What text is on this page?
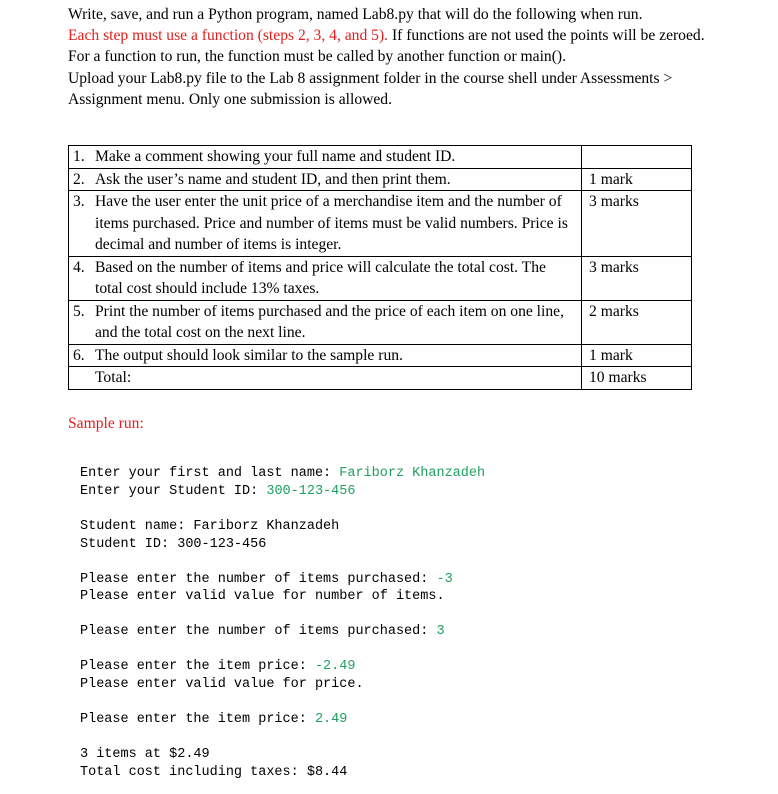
Write, save, and run a Python program, named Lab8.py that will do the following when run.

Each step must use a function (steps 2, 3, 4, and 5). If functions are not used the points will be zeroed. For a function to run, the function must be called by another function or main().

Upload your Lab8.py file to the Lab 8 assignment folder in the course shell under Assessments > Assignment menu. Only one submission is allowed.

1.	Make a comment showing your full name and student ID.	
2.	Ask the user’s name and student ID, and then print them.	1 mark
3.	Have the user enter the unit price of a merchandise item and the number of items purchased. Price and number of items must be valid numbers. Price is decimal and number of items is integer.	3 marks
4.	Based on the number of items and price will calculate the total cost. The total cost should include 13% taxes.	3 marks
5.	Print the number of items purchased and the price of each item on one line, and the total cost on the next line.	2 marks
6.	The output should look similar to the sample run.	1 mark
	Total:	10 marks
Sample run:
Enter your first and last name: Fariborz Khanzadeh
Enter your Student ID: 300-123-456
Student name: Fariborz Khanzadeh
Student ID: 300-123-456
Please enter the number of items purchased: -3
Please enter valid value for number of items.
Please enter the number of items purchased: 3
Please enter the item price: -2.49
Please enter valid value for price.
Please enter the item price: 2.49
3 items at $2.49
Total cost including taxes: $8.44
